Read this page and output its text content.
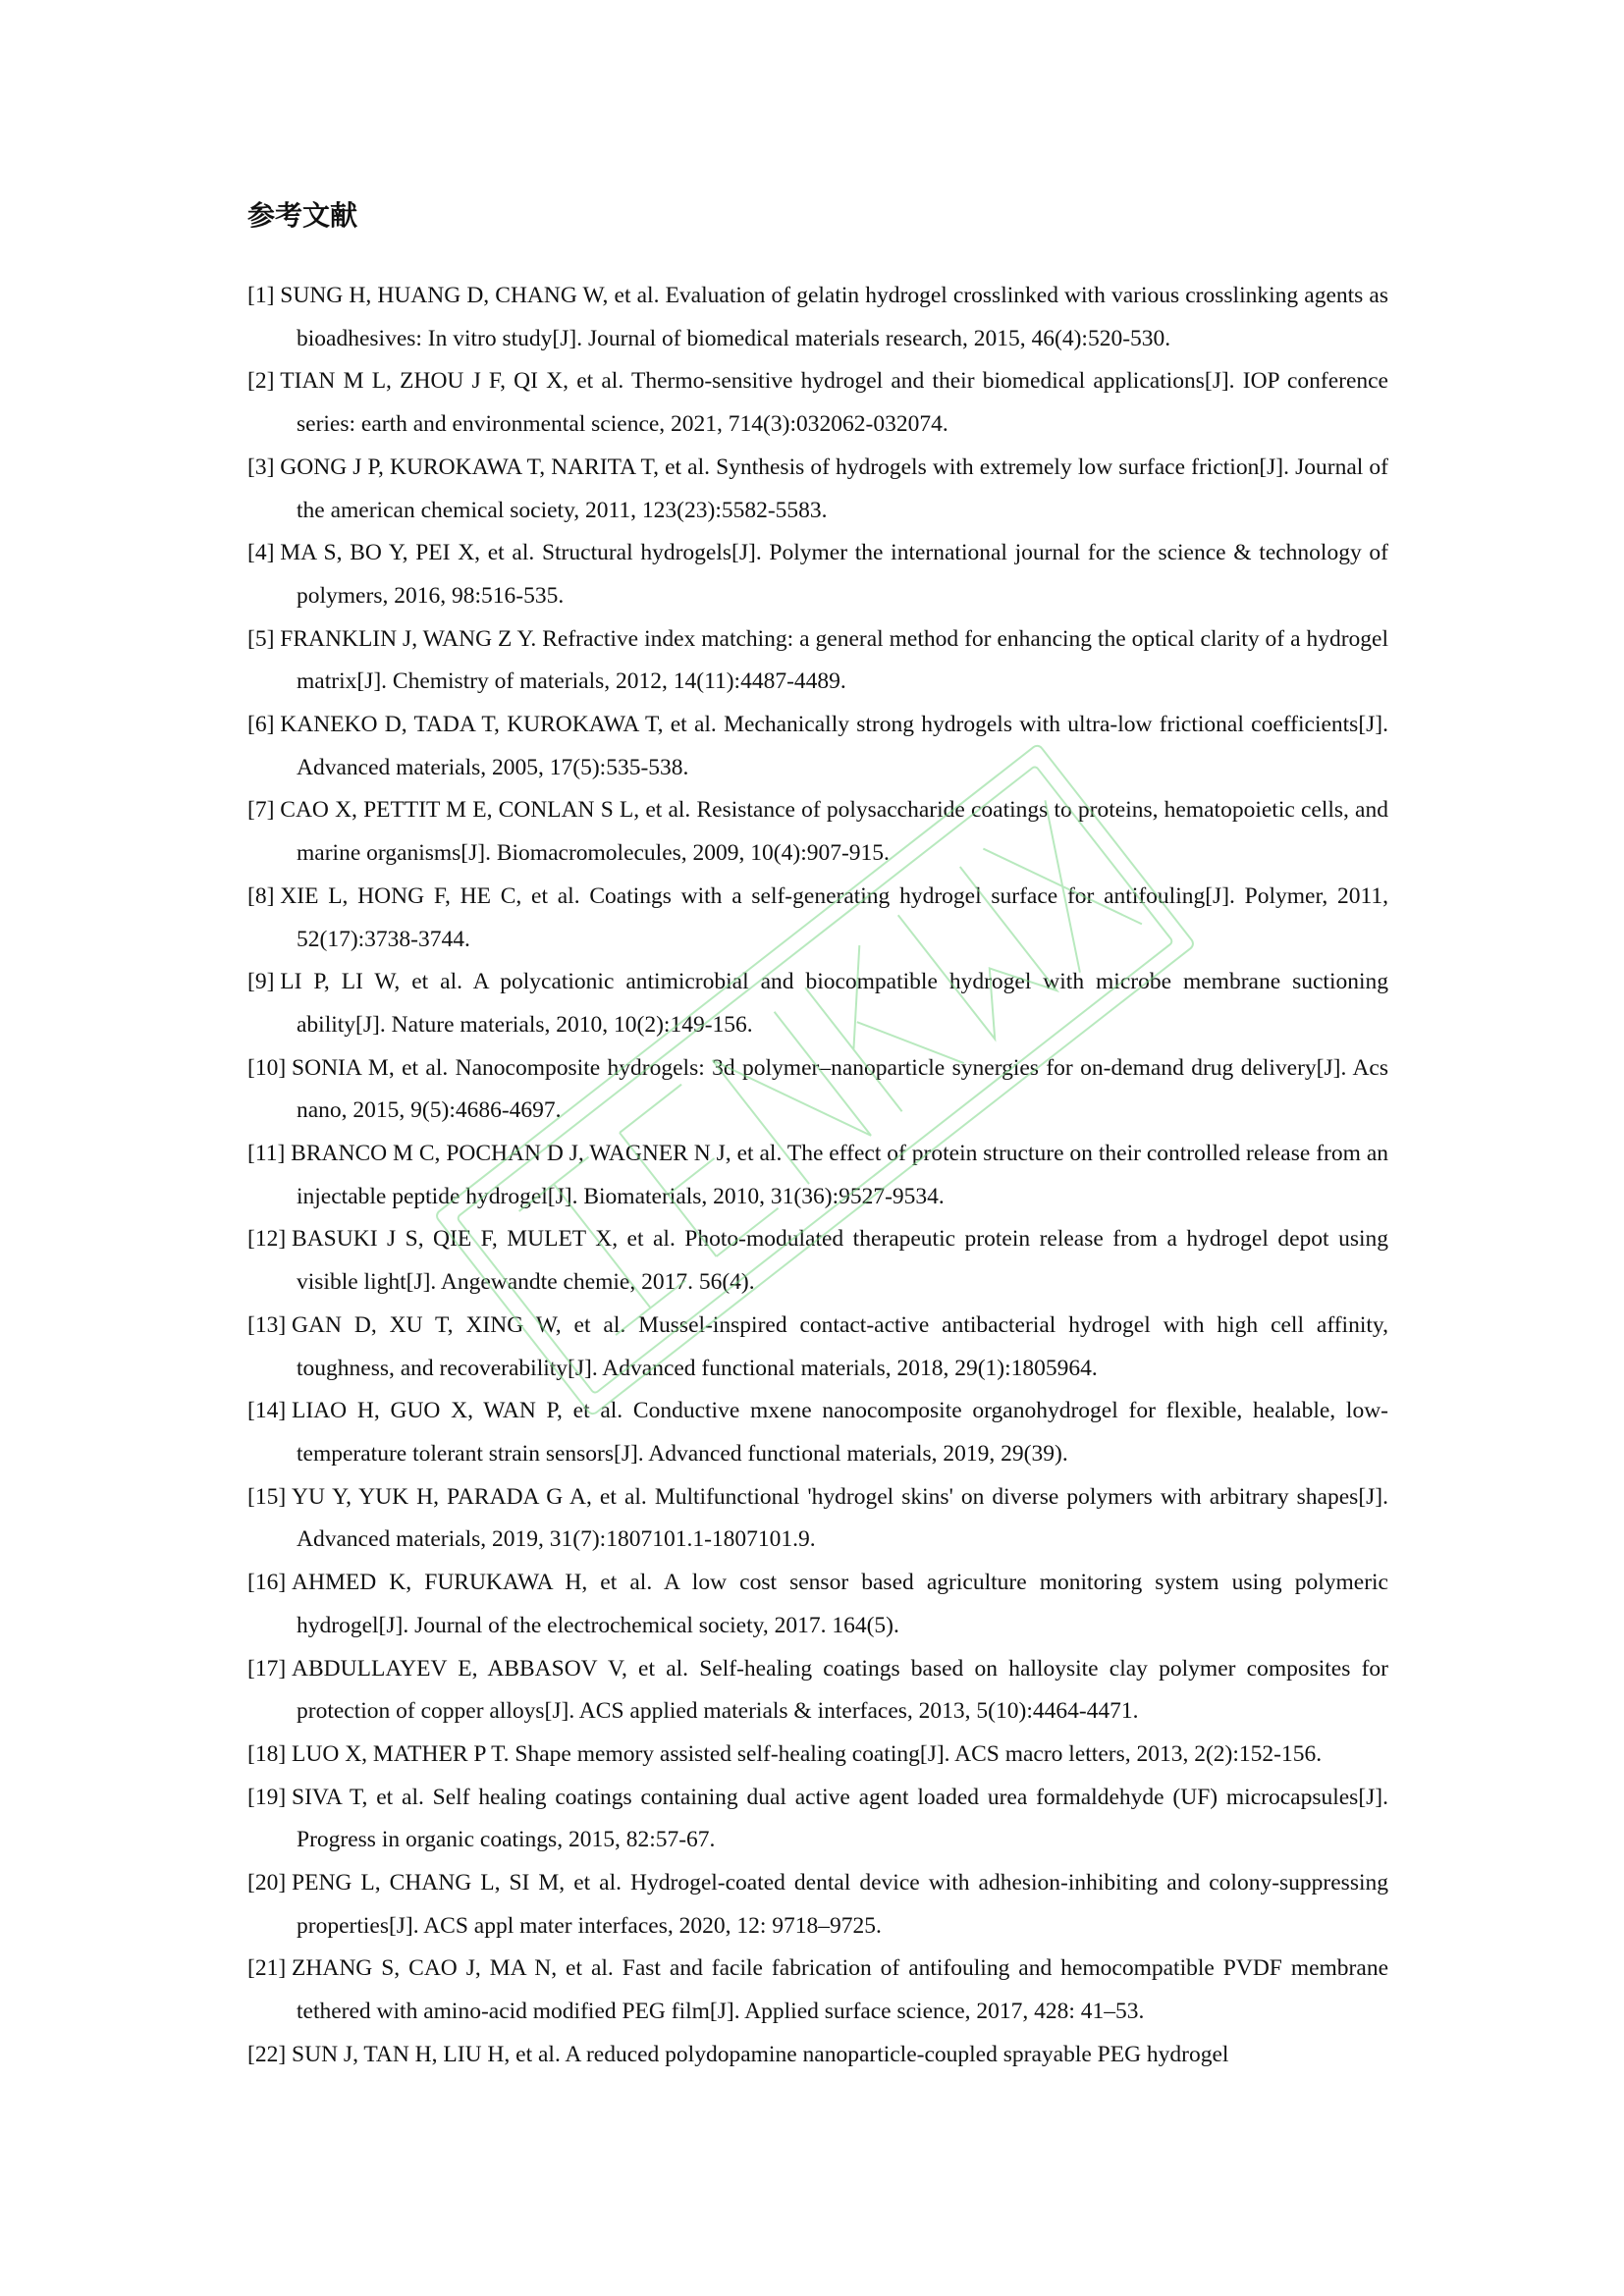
参考文献
[1] SUNG H, HUANG D, CHANG W, et al. Evaluation of gelatin hydrogel crosslinked with various crosslinking agents as bioadhesives: In vitro study[J]. Journal of biomedical materials research, 2015, 46(4):520-530.
[2] TIAN M L, ZHOU J F, QI X, et al. Thermo-sensitive hydrogel and their biomedical applications[J]. IOP conference series: earth and environmental science, 2021, 714(3):032062-032074.
[3] GONG J P, KUROKAWA T, NARITA T, et al. Synthesis of hydrogels with extremely low surface friction[J]. Journal of the american chemical society, 2011, 123(23):5582-5583.
[4] MA S, BO Y, PEI X, et al. Structural hydrogels[J]. Polymer the international journal for the science & technology of polymers, 2016, 98:516-535.
[5] FRANKLIN J, WANG Z Y. Refractive index matching: a general method for enhancing the optical clarity of a hydrogel matrix[J]. Chemistry of materials, 2012, 14(11):4487-4489.
[6] KANEKO D, TADA T, KUROKAWA T, et al. Mechanically strong hydrogels with ultra‐low frictional coefficients[J]. Advanced materials, 2005, 17(5):535-538.
[7] CAO X, PETTIT M E, CONLAN S L, et al. Resistance of polysaccharide coatings to proteins, hematopoietic cells, and marine organisms[J]. Biomacromolecules, 2009, 10(4):907-915.
[8] XIE L, HONG F, HE C, et al. Coatings with a self-generating hydrogel surface for antifouling[J]. Polymer, 2011, 52(17):3738-3744.
[9] LI P, LI W, et al. A polycationic antimicrobial and biocompatible hydrogel with microbe membrane suctioning ability[J]. Nature materials, 2010, 10(2):149-156.
[10] SONIA M, et al. Nanocomposite hydrogels: 3d polymer–nanoparticle synergies for on-demand drug delivery[J]. Acs nano, 2015, 9(5):4686-4697.
[11] BRANCO M C, POCHAN D J, WAGNER N J, et al. The effect of protein structure on their controlled release from an injectable peptide hydrogel[J]. Biomaterials, 2010, 31(36):9527-9534.
[12] BASUKI J S, QIE F, MULET X, et al. Photo-modulated therapeutic protein release from a hydrogel depot using visible light[J]. Angewandte chemie, 2017. 56(4).
[13] GAN D, XU T, XING W, et al. Mussel-inspired contact-active antibacterial hydrogel with high cell affinity, toughness, and recoverability[J]. Advanced functional materials, 2018, 29(1):1805964.
[14] LIAO H, GUO X, WAN P, et al. Conductive mxene nanocomposite organohydrogel for flexible, healable, low-temperature tolerant strain sensors[J]. Advanced functional materials, 2019, 29(39).
[15] YU Y, YUK H, PARADA G A, et al. Multifunctional 'hydrogel skins' on diverse polymers with arbitrary shapes[J]. Advanced materials, 2019, 31(7):1807101.1-1807101.9.
[16] AHMED K, FURUKAWA H, et al. A low cost sensor based agriculture monitoring system using polymeric hydrogel[J]. Journal of the electrochemical society, 2017. 164(5).
[17] ABDULLAYEV E, ABBASOV V, et al. Self-healing coatings based on halloysite clay polymer composites for protection of copper alloys[J]. ACS applied materials & interfaces, 2013, 5(10):4464-4471.
[18] LUO X, MATHER P T. Shape memory assisted self-healing coating[J]. ACS macro letters, 2013, 2(2):152-156.
[19] SIVA T, et al. Self healing coatings containing dual active agent loaded urea formaldehyde (UF) microcapsules[J]. Progress in organic coatings, 2015, 82:57-67.
[20] PENG L, CHANG L, SI M, et al. Hydrogel-coated dental device with adhesion-inhibiting and colony-suppressing properties[J]. ACS appl mater interfaces, 2020, 12: 9718–9725.
[21] ZHANG S, CAO J, MA N, et al. Fast and facile fabrication of antifouling and hemocompatible PVDF membrane tethered with amino-acid modified PEG film[J]. Applied surface science, 2017, 428: 41–53.
[22] SUN J, TAN H, LIU H, et al. A reduced polydopamine nanoparticle-coupled sprayable PEG hydrogel
